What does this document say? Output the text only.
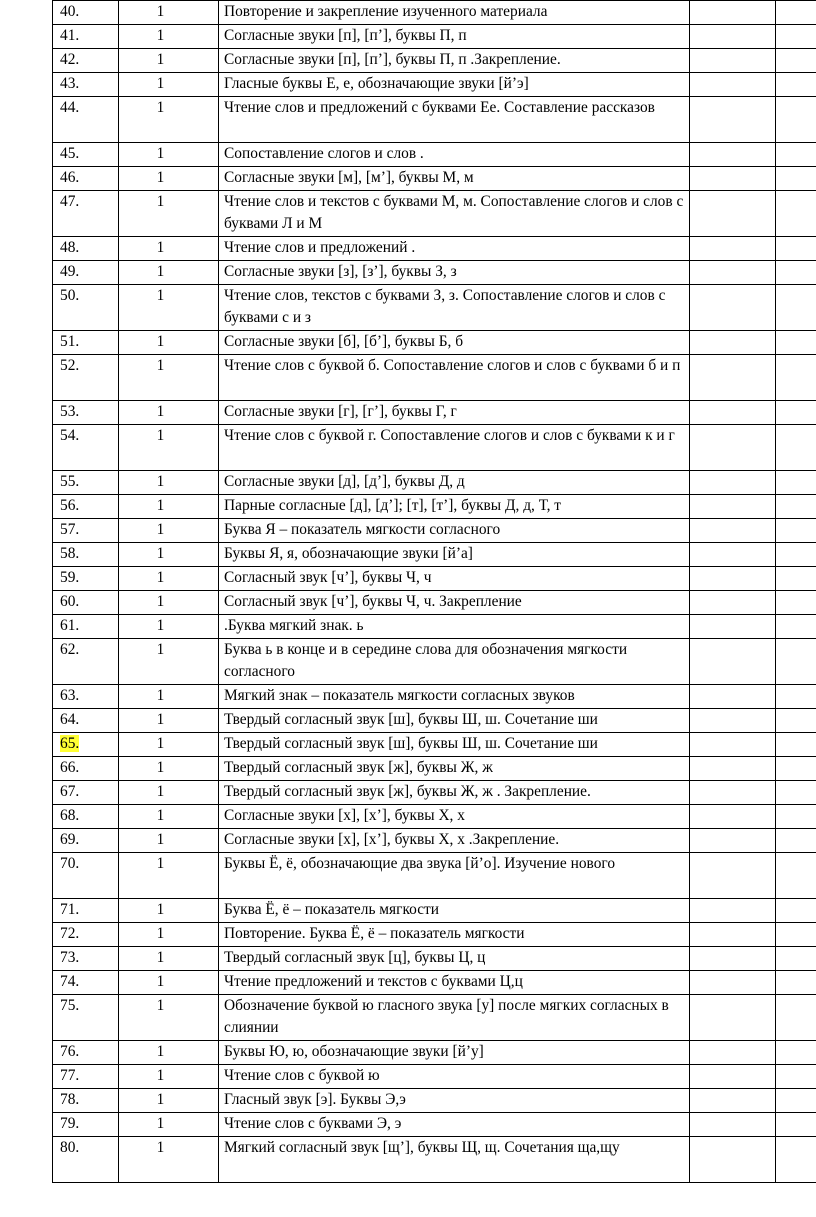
40.	1	Повторение и закрепление изученного материала		
41.	1	Согласные звуки [п], [п’], буквы П, п		
42.	1	Согласные звуки [п], [п’], буквы П, п .Закрепление.		
43.	1	Гласные буквы Е, е, обозначающие звуки [й’э]		
44.	1	Чтение слов и предложений с буквами Ее. Составление рассказов		
45.	1	Сопоставление слогов и слов .		
46.	1	Согласные звуки [м], [м’], буквы М, м		
47.	1	Чтение слов и текстов с буквами М, м. Сопоставление слогов и слов с буквами Л и М		
48.	1	Чтение слов и предложений .		
49.	1	Согласные звуки [з], [з’], буквы З, з		
50.	1	Чтение слов, текстов с буквами З, з. Сопоставление слогов и слов с буквами с и з		
51.	1	Согласные звуки [б], [б’], буквы Б, б		
52.	1	Чтение слов с буквой б. Сопоставление слогов и слов с буквами б и п		
53.	1	Согласные звуки [г], [г’], буквы Г, г		
54.	1	Чтение слов с буквой г. Сопоставление слогов и слов с буквами к и г		
55.	1	Согласные звуки [д], [д’], буквы Д, д		
56.	1	Парные согласные [д], [д’]; [т], [т’], буквы Д, д, Т, т		
57.	1	Буква Я – показатель мягкости согласного		
58.	1	Буквы Я, я, обозначающие звуки [й’а]		
59.	1	Согласный звук [ч’], буквы Ч, ч		
60.	1	Согласный звук [ч’], буквы Ч, ч. Закрепление		
61.	1	.Буква мягкий знак. ь		
62.	1	Буква ь в конце и в середине слова для обозначения мягкости согласного		
63.	1	Мягкий знак – показатель мягкости согласных звуков		
64.	1	Твердый согласный звук [ш], буквы Ш, ш. Сочетание ши		
65.	1	Твердый согласный звук [ш], буквы Ш, ш. Сочетание ши		
66.	1	Твердый согласный звук [ж], буквы Ж, ж		
67.	1	Твердый согласный звук [ж], буквы Ж, ж . Закрепление.		
68.	1	Согласные звуки [х], [х’], буквы Х, х		
69.	1	Согласные звуки [х], [х’], буквы Х, х .Закрепление.		
70.	1	Буквы Ё, ё, обозначающие два звука [й’о]. Изучение нового		
71.	1	Буква Ё, ё – показатель мягкости		
72.	1	Повторение. Буква Ё, ё – показатель мягкости		
73.	1	Твердый согласный звук [ц], буквы Ц, ц		
74.	1	Чтение предложений и текстов с буквами Ц,ц		
75.	1	Обозначение буквой ю гласного звука [у] после мягких согласных в слиянии		
76.	1	Буквы Ю, ю, обозначающие звуки [й’у]		
77.	1	Чтение слов с буквой ю		
78.	1	Гласный звук [э]. Буквы Э,э		
79.	1	Чтение слов с буквами Э, э		
80.	1	Мягкий согласный звук [щ’], буквы Щ, щ. Сочетания ща,щу		
